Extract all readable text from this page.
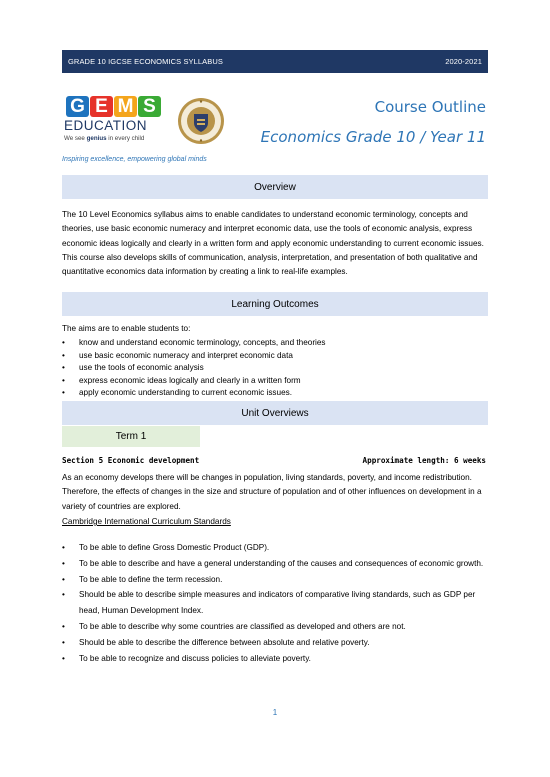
GRADE 10 IGCSE ECONOMICS SYLLABUS	2020-2021
G E M S
EDUCATION
We see genius in every child
Course Outline
Economics Grade 10 / Year 11
Inspiring excellence, empowering global minds
Overview

The 10 Level Economics syllabus aims to enable candidates to understand economic terminology, concepts and theories, use basic economic numeracy and interpret economic data, use the tools of economic analysis, express economic ideas logically and clearly in a written form and apply economic understanding to current economic issues. This course also develops skills of communication, analysis, interpretation, and presentation of both qualitative and quantitative economics data information by creating a link to real-life examples.

Learning Outcomes

The aims are to enable students to:

• know and understand economic terminology, concepts, and theories
• use basic economic numeracy and interpret economic data
• use the tools of economic analysis
• express economic ideas logically and clearly in a written form
• apply economic understanding to current economic issues.
Unit Overviews
Term 1
Section 5 Economic development	Approximate length: 6 weeks

As an economy develops there will be changes in population, living standards, poverty, and income redistribution. Therefore, the effects of changes in the size and structure of population and of other influences on development in a variety of countries are explored.

Cambridge International Curriculum Standards
• To be able to define Gross Domestic Product (GDP).
• To be able to describe and have a general understanding of the causes and consequences of economic growth.
• To be able to define the term recession.
• Should be able to describe simple measures and indicators of comparative living standards, such as GDP per head, Human Development Index.
• To be able to describe why some countries are classified as developed and others are not.
• Should be able to describe the difference between absolute and relative poverty.
• To be able to recognize and discuss policies to alleviate poverty.
1
